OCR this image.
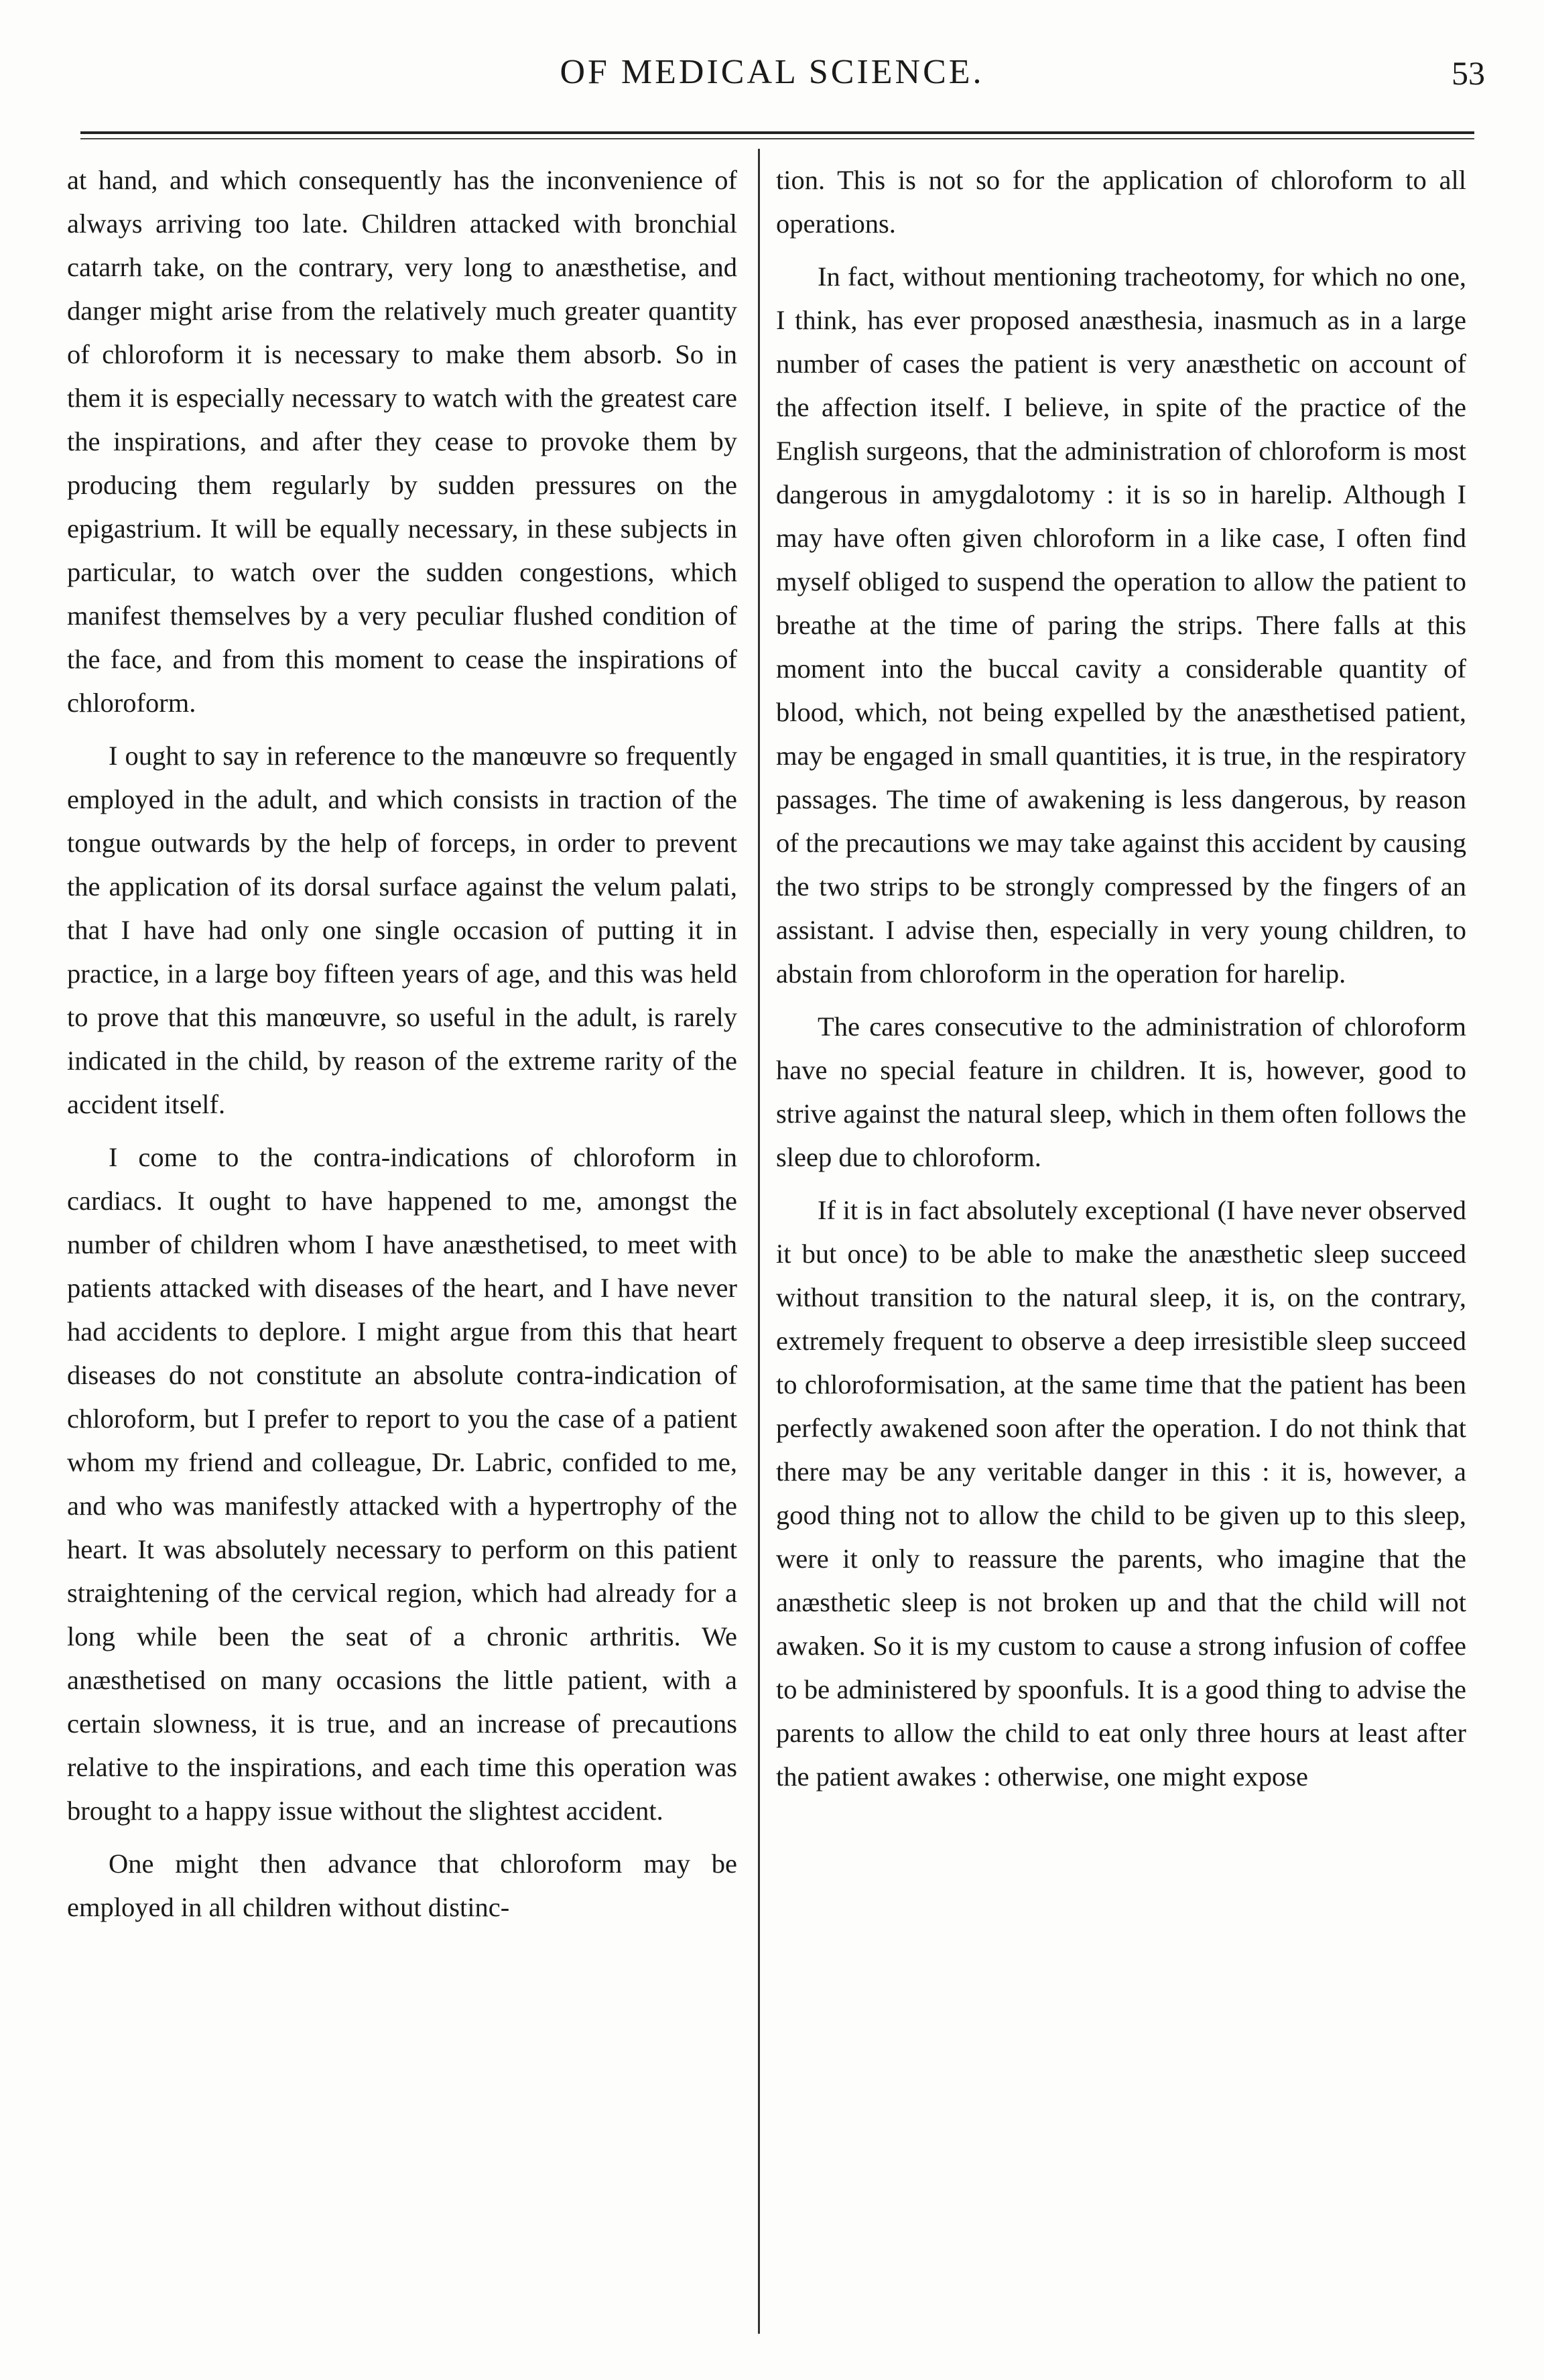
OF MEDICAL SCIENCE.	53

at hand, and which consequently has the inconvenience of always arriving too late. Children attacked with bronchial catarrh take, on the contrary, very long to anæsthetise, and danger might arise from the relatively much greater quantity of chloroform it is necessary to make them absorb. So in them it is especially necessary to watch with the greatest care the inspirations, and after they cease to provoke them by producing them regularly by sudden pressures on the epigastrium. It will be equally necessary, in these subjects in particular, to watch over the sudden congestions, which manifest themselves by a very peculiar flushed condition of the face, and from this moment to cease the inspirations of chloroform.

I ought to say in reference to the manœuvre so frequently employed in the adult, and which consists in traction of the tongue outwards by the help of forceps, in order to prevent the application of its dorsal surface against the velum palati, that I have had only one single occasion of putting it in practice, in a large boy fifteen years of age, and this was held to prove that this manœuvre, so useful in the adult, is rarely indicated in the child, by reason of the extreme rarity of the accident itself.

I come to the contra-indications of chloroform in cardiacs. It ought to have happened to me, amongst the number of children whom I have anæsthetised, to meet with patients attacked with diseases of the heart, and I have never had accidents to deplore. I might argue from this that heart diseases do not constitute an absolute contra-indication of chloroform, but I prefer to report to you the case of a patient whom my friend and colleague, Dr. Labric, confided to me, and who was manifestly attacked with a hypertrophy of the heart. It was absolutely necessary to perform on this patient straightening of the cervical region, which had already for a long while been the seat of a chronic arthritis. We anæsthetised on many occasions the little patient, with a certain slowness, it is true, and an increase of precautions relative to the inspirations, and each time this operation was brought to a happy issue without the slightest accident.

One might then advance that chloroform may be employed in all children without distinc-

tion. This is not so for the application of chloroform to all operations.

In fact, without mentioning tracheotomy, for which no one, I think, has ever proposed anæsthesia, inasmuch as in a large number of cases the patient is very anæsthetic on account of the affection itself. I believe, in spite of the practice of the English surgeons, that the administration of chloroform is most dangerous in amygdalotomy : it is so in harelip. Although I may have often given chloroform in a like case, I often find myself obliged to suspend the operation to allow the patient to breathe at the time of paring the strips. There falls at this moment into the buccal cavity a considerable quantity of blood, which, not being expelled by the anæsthetised patient, may be engaged in small quantities, it is true, in the respiratory passages. The time of awakening is less dangerous, by reason of the precautions we may take against this accident by causing the two strips to be strongly compressed by the fingers of an assistant. I advise then, especially in very young children, to abstain from chloroform in the operation for harelip.

The cares consecutive to the administration of chloroform have no special feature in children. It is, however, good to strive against the natural sleep, which in them often follows the sleep due to chloroform.

If it is in fact absolutely exceptional (I have never observed it but once) to be able to make the anæsthetic sleep succeed without transition to the natural sleep, it is, on the contrary, extremely frequent to observe a deep irresistible sleep succeed to chloroformisation, at the same time that the patient has been perfectly awakened soon after the operation. I do not think that there may be any veritable danger in this : it is, however, a good thing not to allow the child to be given up to this sleep, were it only to reassure the parents, who imagine that the anæsthetic sleep is not broken up and that the child will not awaken. So it is my custom to cause a strong infusion of coffee to be administered by spoonfuls. It is a good thing to advise the parents to allow the child to eat only three hours at least after the patient awakes : otherwise, one might expose
